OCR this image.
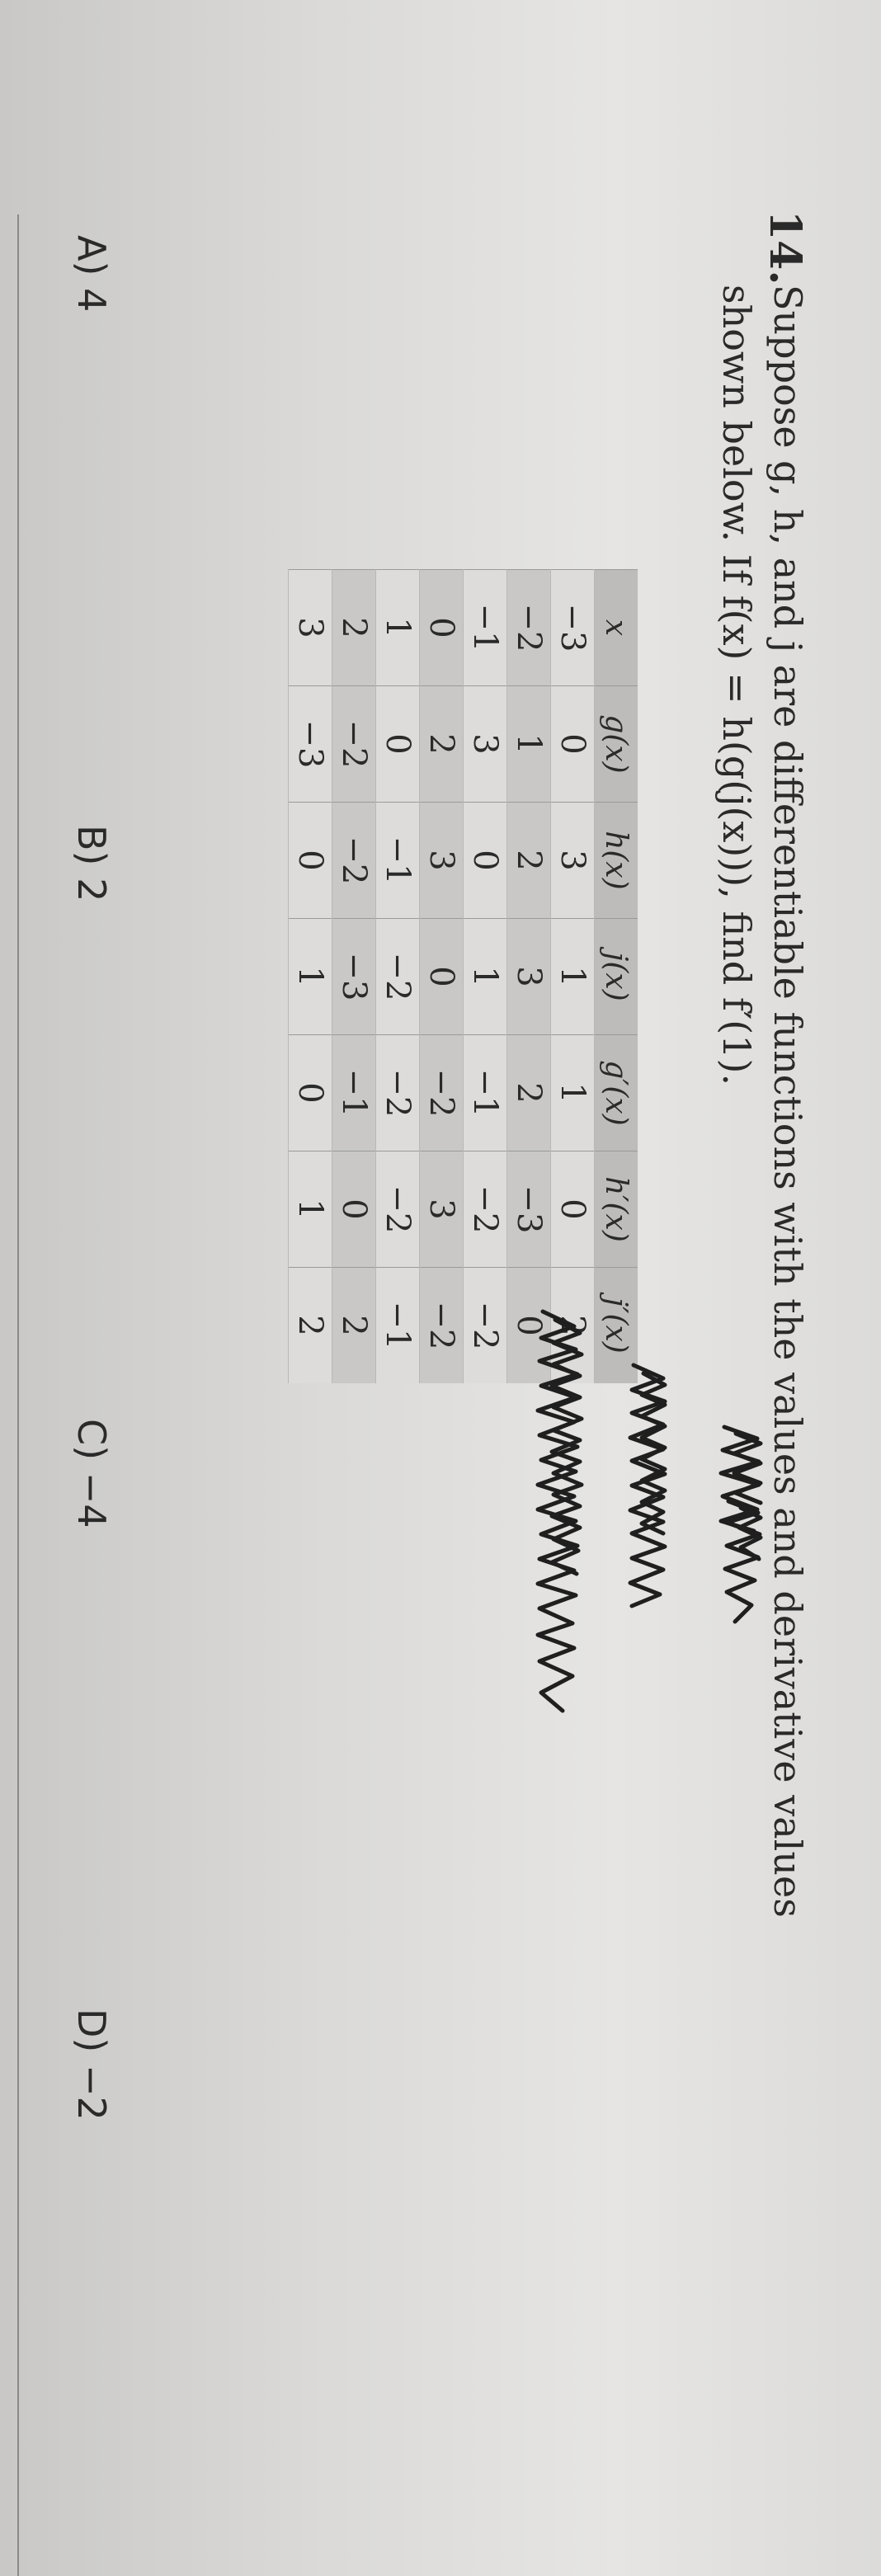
14.

Suppose g, h, and j are differentiable functions with the values and derivative values

shown below. If f(x) = h(g(j(x))), find f′(1).

x	g(x)	h(x)	j(x)	g′(x)	h′(x)	j′(x)
−3	0	3	1	1	0	2
−2	1	2	3	2	−3	0
−1	3	0	1	−1	−2	−2
0	2	3	0	−2	3	−2
1	0	−1	−2	−2	−2	−1
2	−2	−2	−3	−1	0	2
3	−3	0	1	0	1	2
A) 4
B) 2
C) −4
D) −2
